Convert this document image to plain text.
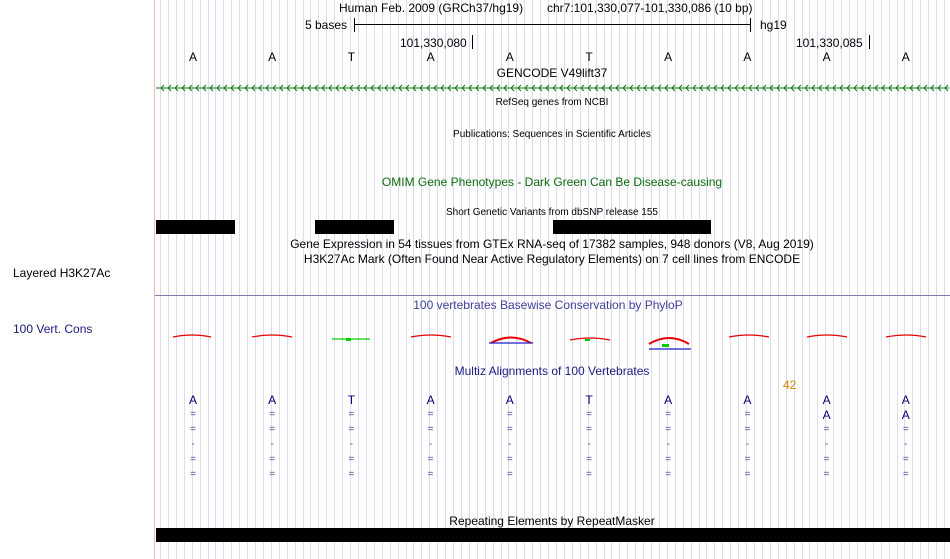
Layered H3K27Ac
100 Vert. Cons
Human Feb. 2009 (GRCh37/hg19) chr7:101,330,077-101,330,086 (10 bp)
5 bases	hg19
101,330,080	101,330,085
A	A	T	A	A	T	A	A	A	A
GENCODE V49lift37
RefSeq genes from NCBI
Publications: Sequences in Scientific Articles
OMIM Gene Phenotypes - Dark Green Can Be Disease-causing
Short Genetic Variants from dbSNP release 155
Gene Expression in 54 tissues from GTEx RNA-seq of 17382 samples, 948 donors (V8, Aug 2019)
H3K27Ac Mark (Often Found Near Active Regulatory Elements) on 7 cell lines from ENCODE
100 vertebrates Basewise Conservation by PhyloP
Multiz Alignments of 100 Vertebrates
42
A	A	T	A	A	T	A	A	A	A
=	=	=	=	=	=	=	=	A	A
=	=	=	=	=	=	=	=	=	=
-	-	-	-	-	-	-	-	-	-
=	=	=	=	=	=	=	=	=	=
=	=	=	=	=	=	=	=	=	=
Repeating Elements by RepeatMasker
